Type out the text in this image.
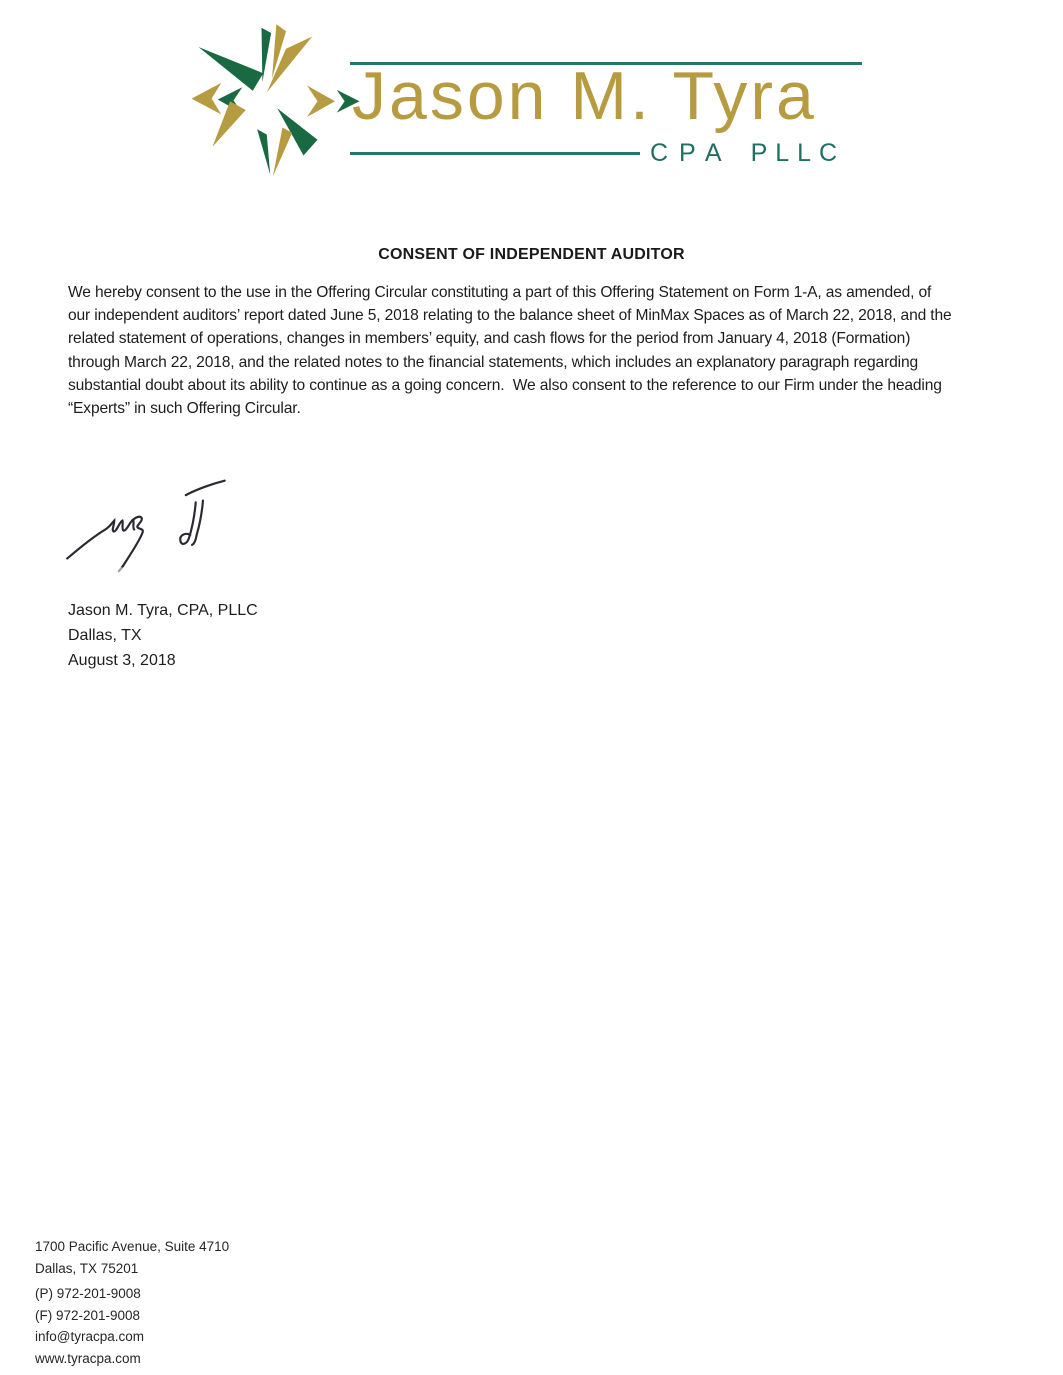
Jason M. Tyra
CPA PLLC
CONSENT OF INDEPENDENT AUDITOR
We hereby consent to the use in the Offering Circular constituting a part of this Offering Statement on Form 1-A, as amended, of
our independent auditors’ report dated June 5, 2018 relating to the balance sheet of MinMax Spaces as of March 22, 2018, and the
related statement of operations, changes in members’ equity, and cash flows for the period from January 4, 2018 (Formation)
through March 22, 2018, and the related notes to the financial statements, which includes an explanatory paragraph regarding
substantial doubt about its ability to continue as a going concern.  We also consent to the reference to our Firm under the heading
“Experts” in such Offering Circular.
Jason M. Tyra, CPA, PLLC
Dallas, TX
August 3, 2018
1700 Pacific Avenue, Suite 4710
Dallas, TX 75201
(P) 972-201-9008
(F) 972-201-9008
info@tyracpa.com
www.tyracpa.com
